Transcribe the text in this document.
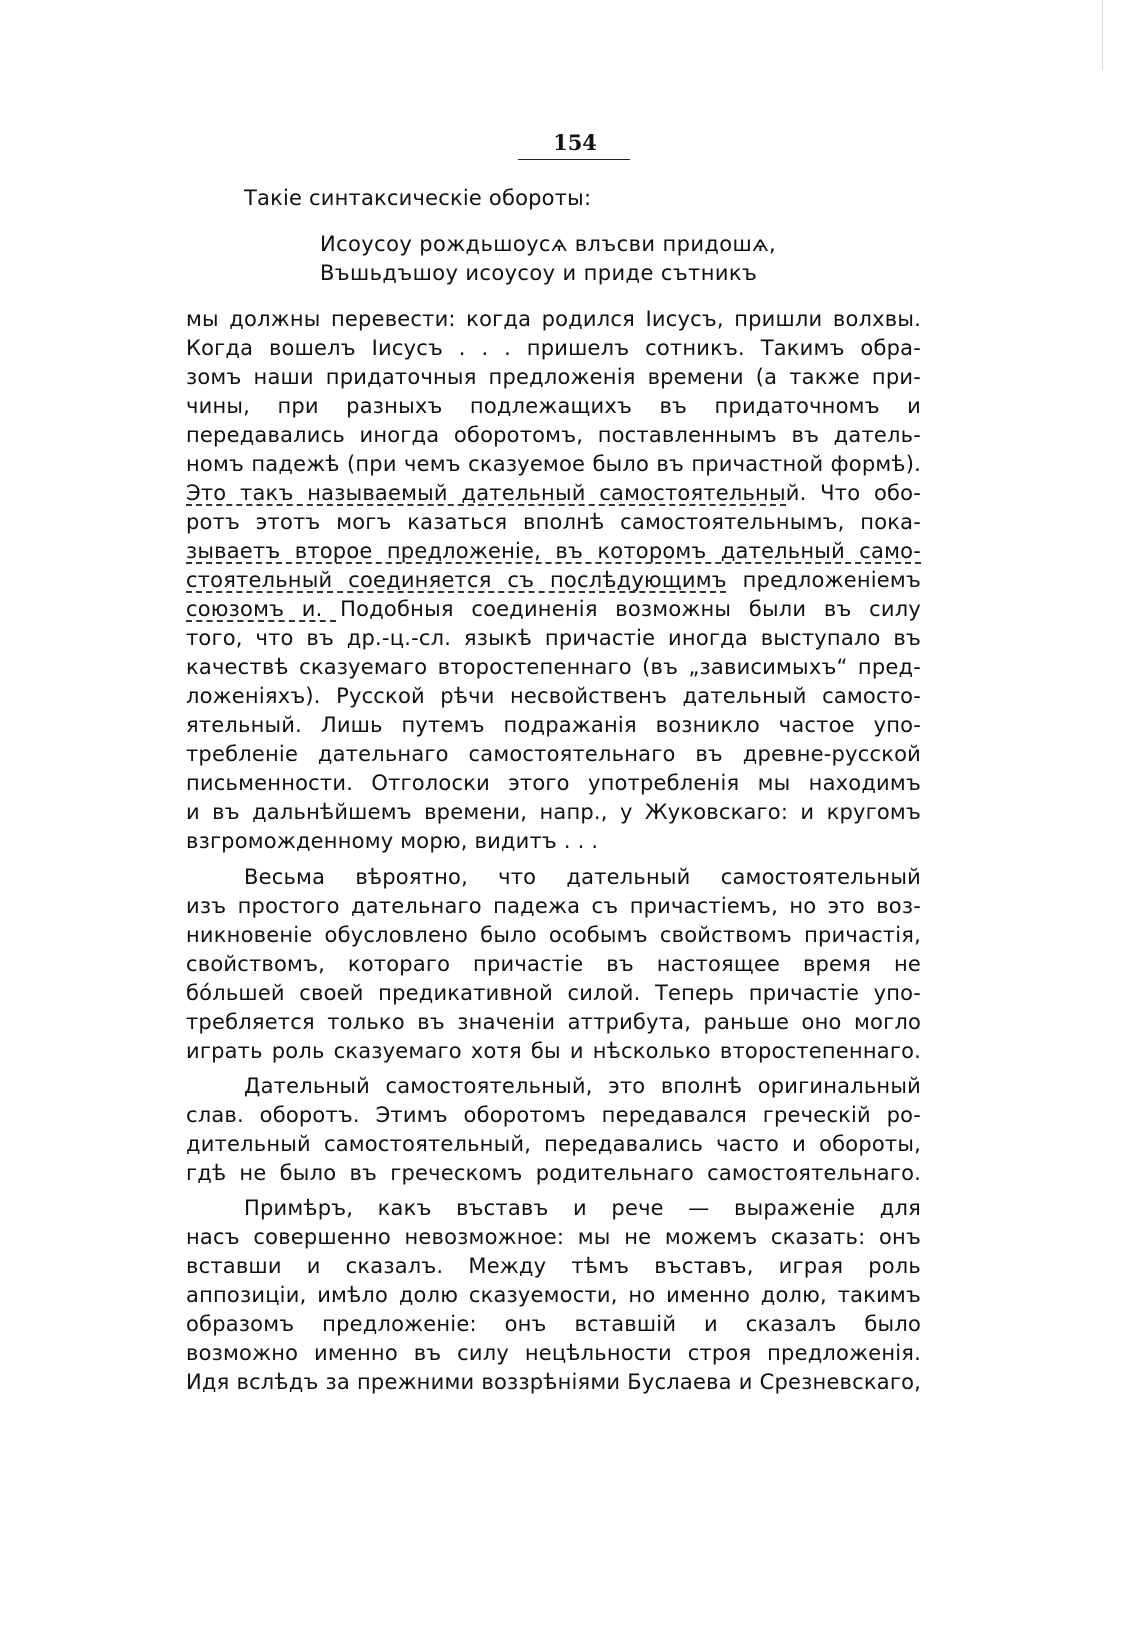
154
Такіе синтаксическіе обороты:
Исоусоу рождьшоусѧ влъсви придошѧ,
Въшьдъшоу исоусоу и приде сътникъ
мы должны перевести: когда родился Іисусъ, пришли волхвы.
Когда вошелъ Іисусъ . . . пришелъ сотникъ. Такимъ обра-
зомъ наши придаточныя предложенія времени (а также при-
чины, при разныхъ подлежащихъ въ придаточномъ и
передавались иногда оборотомъ, поставленнымъ въ датель-
номъ падежѣ (при чемъ сказуемое было въ причастной формѣ).
Это такъ называемый дательный самостоятельный. Что обо-
ротъ этотъ могъ казаться вполнѣ самостоятельнымъ, пока-
зываетъ второе предложеніе, въ которомъ дательный само-
стоятельный соединяется съ послѣдующимъ предложеніемъ
союзомъ и. Подобныя соединенія возможны были въ силу
того, что въ др.-ц.-сл. языкѣ причастіе иногда выступало въ
качествѣ сказуемаго второстепеннаго (въ „зависимыхъ“ пред-
ложеніяхъ). Русской рѣчи несвойственъ дательный самосто-
ятельный. Лишь путемъ подражанія возникло частое упо-
требленіе дательнаго самостоятельнаго въ древне-русской
письменности. Отголоски этого употребленія мы находимъ
и въ дальнѣйшемъ времени, напр., у Жуковскаго: и кругомъ
взгроможденному морю, видитъ . . .
Весьма вѣроятно, что дательный самостоятельный
изъ простого дательнаго падежа съ причастіемъ, но это воз-
никновеніе обусловлено было особымъ свойствомъ причастія,
свойствомъ, котораго причастіе въ настоящее время не
бóльшей своей предикативной силой. Теперь причастіе упо-
требляется только въ значеніи аттрибута, раньше оно могло
играть роль сказуемаго хотя бы и нѣсколько второстепеннаго.
Дательный самостоятельный, это вполнѣ оригинальный
слав. оборотъ. Этимъ оборотомъ передавался греческій ро-
дительный самостоятельный, передавались часто и обороты,
гдѣ не было въ греческомъ родительнаго самостоятельнаго.
Примѣръ, какъ въставъ и рече — выраженіе для
насъ совершенно невозможное: мы не можемъ сказать: онъ
вставши и сказалъ. Между тѣмъ въставъ, играя роль
аппозиціи, имѣло долю сказуемости, но именно долю, такимъ
образомъ предложеніе: онъ вставшій и сказалъ было
возможно именно въ силу нецѣльности строя предложенія.
Идя вслѣдъ за прежними воззрѣніями Буслаева и Срезневскаго,
